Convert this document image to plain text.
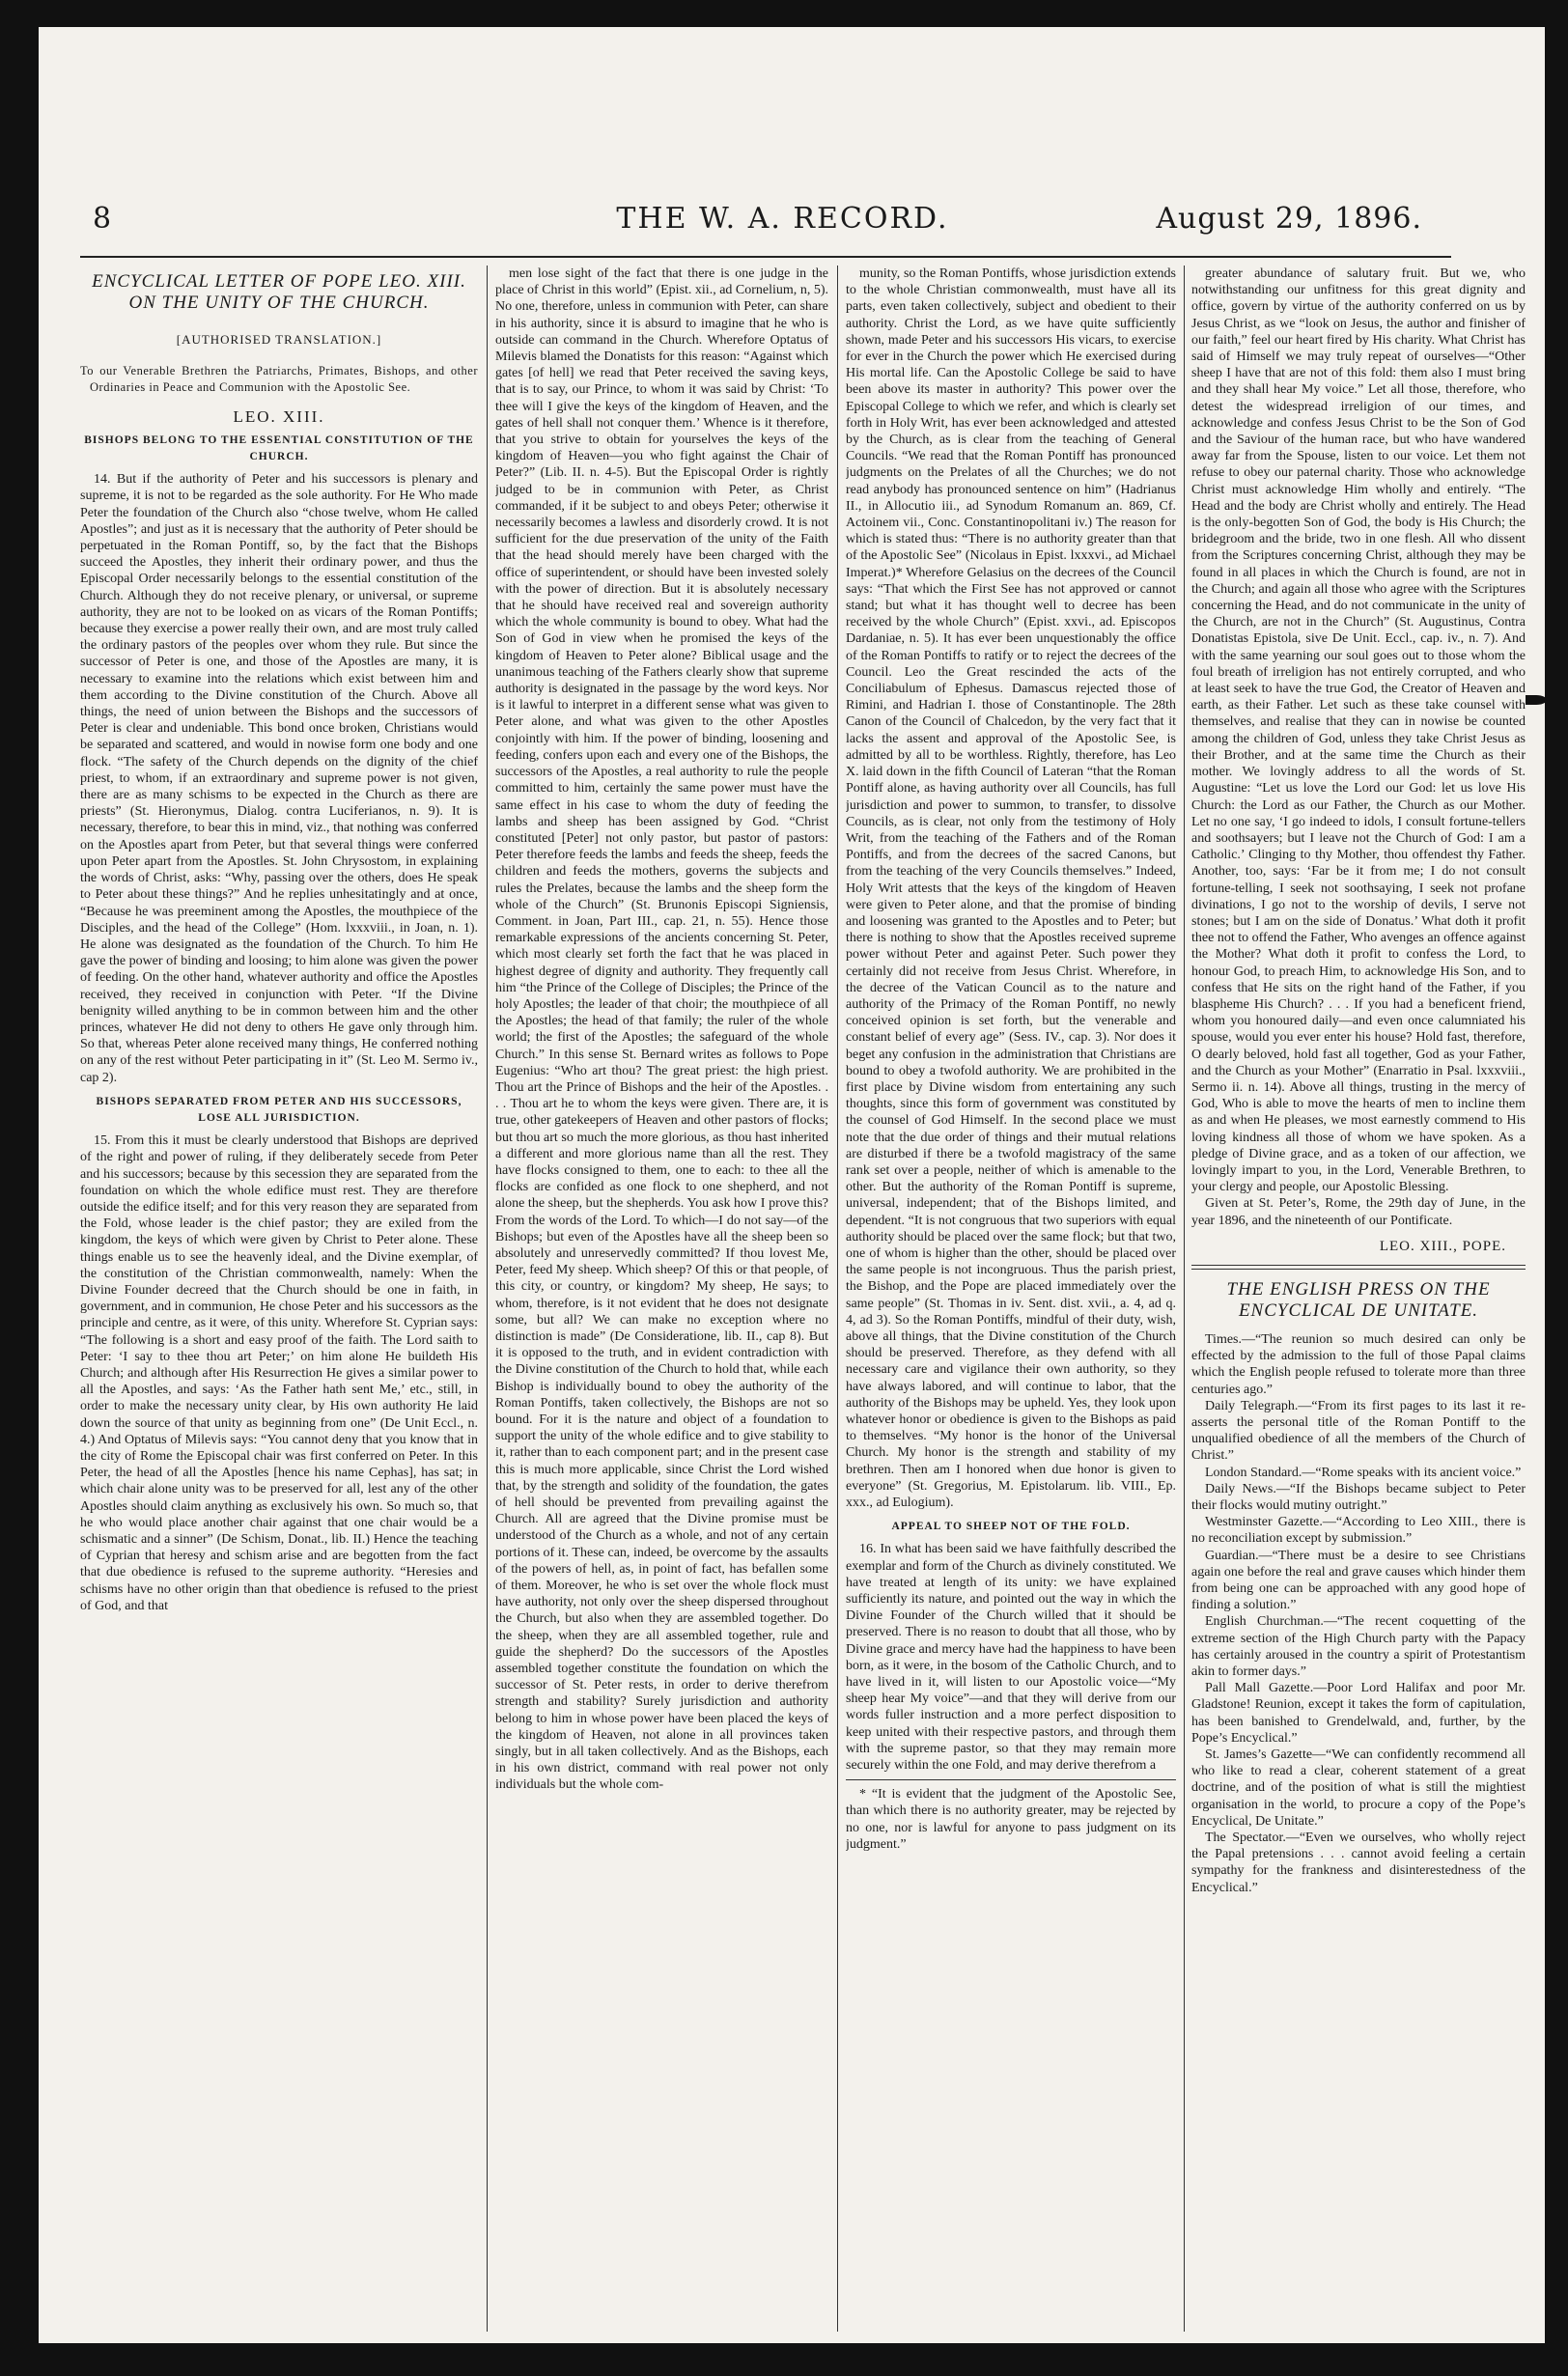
8	THE W. A. RECORD.	August 29, 1896.
ENCYCLICAL LETTER OF POPE LEO. XIII. ON THE UNITY OF THE CHURCH.
[AUTHORISED TRANSLATION.]
To our Venerable Brethren the Patriarchs, Primates, Bishops, and other Ordinaries in Peace and Communion with the Apostolic See.
LEO. XIII.
BISHOPS BELONG TO THE ESSENTIAL CONSTITUTION OF THE CHURCH.

14. But if the authority of Peter and his successors is plenary and supreme, it is not to be regarded as the sole authority. For He Who made Peter the foundation of the Church also “chose twelve, whom He called Apostles”; and just as it is necessary that the authority of Peter should be perpetuated in the Roman Pontiff, so, by the fact that the Bishops succeed the Apostles, they inherit their ordinary power, and thus the Episcopal Order necessarily belongs to the essential constitution of the Church. Although they do not receive plenary, or universal, or supreme authority, they are not to be looked on as vicars of the Roman Pontiffs; because they exercise a power really their own, and are most truly called the ordinary pastors of the peoples over whom they rule. But since the successor of Peter is one, and those of the Apostles are many, it is necessary to examine into the relations which exist between him and them according to the Divine constitution of the Church. Above all things, the need of union between the Bishops and the successors of Peter is clear and undeniable. This bond once broken, Christians would be separated and scattered, and would in nowise form one body and one flock. “The safety of the Church depends on the dignity of the chief priest, to whom, if an extraordinary and supreme power is not given, there are as many schisms to be expected in the Church as there are priests” (St. Hieronymus, Dialog. contra Luciferianos, n. 9). It is necessary, therefore, to bear this in mind, viz., that nothing was conferred on the Apostles apart from Peter, but that several things were conferred upon Peter apart from the Apostles. St. John Chrysostom, in explaining the words of Christ, asks: “Why, passing over the others, does He speak to Peter about these things?” And he replies unhesitatingly and at once, “Because he was preeminent among the Apostles, the mouthpiece of the Disciples, and the head of the College” (Hom. lxxxviii., in Joan, n. 1). He alone was designated as the foundation of the Church. To him He gave the power of binding and loosing; to him alone was given the power of feeding. On the other hand, whatever authority and office the Apostles received, they received in conjunction with Peter. “If the Divine benignity willed anything to be in common between him and the other princes, whatever He did not deny to others He gave only through him. So that, whereas Peter alone received many things, He conferred nothing on any of the rest without Peter participating in it” (St. Leo M. Sermo iv., cap 2).

BISHOPS SEPARATED FROM PETER AND HIS SUCCESSORS, LOSE ALL JURISDICTION.

15. From this it must be clearly understood that Bishops are deprived of the right and power of ruling, if they deliberately secede from Peter and his successors; because by this secession they are separated from the foundation on which the whole edifice must rest. They are therefore outside the edifice itself; and for this very reason they are separated from the Fold, whose leader is the chief pastor; they are exiled from the kingdom, the keys of which were given by Christ to Peter alone. These things enable us to see the heavenly ideal, and the Divine exemplar, of the constitution of the Christian commonwealth, namely: When the Divine Founder decreed that the Church should be one in faith, in government, and in communion, He chose Peter and his successors as the principle and centre, as it were, of this unity. Wherefore St. Cyprian says: “The following is a short and easy proof of the faith. The Lord saith to Peter: ‘I say to thee thou art Peter;’ on him alone He buildeth His Church; and although after His Resurrection He gives a similar power to all the Apostles, and says: ‘As the Father hath sent Me,’ etc., still, in order to make the necessary unity clear, by His own authority He laid down the source of that unity as beginning from one” (De Unit Eccl., n. 4.) And Optatus of Milevis says: “You cannot deny that you know that in the city of Rome the Episcopal chair was first conferred on Peter. In this Peter, the head of all the Apostles [hence his name Cephas], has sat; in which chair alone unity was to be preserved for all, lest any of the other Apostles should claim anything as exclusively his own. So much so, that he who would place another chair against that one chair would be a schismatic and a sinner” (De Schism, Donat., lib. II.) Hence the teaching of Cyprian that heresy and schism arise and are begotten from the fact that due obedience is refused to the supreme authority. “Heresies and schisms have no other origin than that obedience is refused to the priest of God, and that

men lose sight of the fact that there is one judge in the place of Christ in this world” (Epist. xii., ad Cornelium, n, 5). No one, therefore, unless in communion with Peter, can share in his authority, since it is absurd to imagine that he who is outside can command in the Church. Wherefore Optatus of Milevis blamed the Donatists for this reason: “Against which gates [of hell] we read that Peter received the saving keys, that is to say, our Prince, to whom it was said by Christ: ‘To thee will I give the keys of the kingdom of Heaven, and the gates of hell shall not conquer them.’ Whence is it therefore, that you strive to obtain for yourselves the keys of the kingdom of Heaven—you who fight against the Chair of Peter?” (Lib. II. n. 4-5). But the Episcopal Order is rightly judged to be in communion with Peter, as Christ commanded, if it be subject to and obeys Peter; otherwise it necessarily becomes a lawless and disorderly crowd. It is not sufficient for the due preservation of the unity of the Faith that the head should merely have been charged with the office of superintendent, or should have been invested solely with the power of direction. But it is absolutely necessary that he should have received real and sovereign authority which the whole community is bound to obey. What had the Son of God in view when he promised the keys of the kingdom of Heaven to Peter alone? Biblical usage and the unanimous teaching of the Fathers clearly show that supreme authority is designated in the passage by the word keys. Nor is it lawful to interpret in a different sense what was given to Peter alone, and what was given to the other Apostles conjointly with him. If the power of binding, loosening and feeding, confers upon each and every one of the Bishops, the successors of the Apostles, a real authority to rule the people committed to him, certainly the same power must have the same effect in his case to whom the duty of feeding the lambs and sheep has been assigned by God. “Christ constituted [Peter] not only pastor, but pastor of pastors: Peter therefore feeds the lambs and feeds the sheep, feeds the children and feeds the mothers, governs the subjects and rules the Prelates, because the lambs and the sheep form the whole of the Church” (St. Brunonis Episcopi Signiensis, Comment. in Joan, Part III., cap. 21, n. 55). Hence those remarkable expressions of the ancients concerning St. Peter, which most clearly set forth the fact that he was placed in highest degree of dignity and authority. They frequently call him “the Prince of the College of Disciples; the Prince of the holy Apostles; the leader of that choir; the mouthpiece of all the Apostles; the head of that family; the ruler of the whole world; the first of the Apostles; the safeguard of the whole Church.” In this sense St. Bernard writes as follows to Pope Eugenius: “Who art thou? The great priest: the high priest. Thou art the Prince of Bishops and the heir of the Apostles. . . . Thou art he to whom the keys were given. There are, it is true, other gatekeepers of Heaven and other pastors of flocks; but thou art so much the more glorious, as thou hast inherited a different and more glorious name than all the rest. They have flocks consigned to them, one to each: to thee all the flocks are confided as one flock to one shepherd, and not alone the sheep, but the shepherds. You ask how I prove this? From the words of the Lord. To which—I do not say—of the Bishops; but even of the Apostles have all the sheep been so absolutely and unreservedly committed? If thou lovest Me, Peter, feed My sheep. Which sheep? Of this or that people, of this city, or country, or kingdom? My sheep, He says; to whom, therefore, is it not evident that he does not designate some, but all? We can make no exception where no distinction is made” (De Consideratione, lib. II., cap 8). But it is opposed to the truth, and in evident contradiction with the Divine constitution of the Church to hold that, while each Bishop is individually bound to obey the authority of the Roman Pontiffs, taken collectively, the Bishops are not so bound. For it is the nature and object of a foundation to support the unity of the whole edifice and to give stability to it, rather than to each component part; and in the present case this is much more applicable, since Christ the Lord wished that, by the strength and solidity of the foundation, the gates of hell should be prevented from prevailing against the Church. All are agreed that the Divine promise must be understood of the Church as a whole, and not of any certain portions of it. These can, indeed, be overcome by the assaults of the powers of hell, as, in point of fact, has befallen some of them. Moreover, he who is set over the whole flock must have authority, not only over the sheep dispersed throughout the Church, but also when they are assembled together. Do the sheep, when they are all assembled together, rule and guide the shepherd? Do the successors of the Apostles assembled together constitute the foundation on which the successor of St. Peter rests, in order to derive therefrom strength and stability? Surely jurisdiction and authority belong to him in whose power have been placed the keys of the kingdom of Heaven, not alone in all provinces taken singly, but in all taken collectively. And as the Bishops, each in his own district, command with real power not only individuals but the whole com-

munity, so the Roman Pontiffs, whose jurisdiction extends to the whole Christian commonwealth, must have all its parts, even taken collectively, subject and obedient to their authority. Christ the Lord, as we have quite sufficiently shown, made Peter and his successors His vicars, to exercise for ever in the Church the power which He exercised during His mortal life. Can the Apostolic College be said to have been above its master in authority? This power over the Episcopal College to which we refer, and which is clearly set forth in Holy Writ, has ever been acknowledged and attested by the Church, as is clear from the teaching of General Councils. “We read that the Roman Pontiff has pronounced judgments on the Prelates of all the Churches; we do not read anybody has pronounced sentence on him” (Hadrianus II., in Allocutio iii., ad Synodum Romanum an. 869, Cf. Actoinem vii., Conc. Constantinopolitani iv.) The reason for which is stated thus: “There is no authority greater than that of the Apostolic See” (Nicolaus in Epist. lxxxvi., ad Michael Imperat.)* Wherefore Gelasius on the decrees of the Council says: “That which the First See has not approved or cannot stand; but what it has thought well to decree has been received by the whole Church” (Epist. xxvi., ad. Episcopos Dardaniae, n. 5). It has ever been unquestionably the office of the Roman Pontiffs to ratify or to reject the decrees of the Council. Leo the Great rescinded the acts of the Conciliabulum of Ephesus. Damascus rejected those of Rimini, and Hadrian I. those of Constantinople. The 28th Canon of the Council of Chalcedon, by the very fact that it lacks the assent and approval of the Apostolic See, is admitted by all to be worthless. Rightly, therefore, has Leo X. laid down in the fifth Council of Lateran “that the Roman Pontiff alone, as having authority over all Councils, has full jurisdiction and power to summon, to transfer, to dissolve Councils, as is clear, not only from the testimony of Holy Writ, from the teaching of the Fathers and of the Roman Pontiffs, and from the decrees of the sacred Canons, but from the teaching of the very Councils themselves.” Indeed, Holy Writ attests that the keys of the kingdom of Heaven were given to Peter alone, and that the promise of binding and loosening was granted to the Apostles and to Peter; but there is nothing to show that the Apostles received supreme power without Peter and against Peter. Such power they certainly did not receive from Jesus Christ. Wherefore, in the decree of the Vatican Council as to the nature and authority of the Primacy of the Roman Pontiff, no newly conceived opinion is set forth, but the venerable and constant belief of every age” (Sess. IV., cap. 3). Nor does it beget any confusion in the administration that Christians are bound to obey a twofold authority. We are prohibited in the first place by Divine wisdom from entertaining any such thoughts, since this form of government was constituted by the counsel of God Himself. In the second place we must note that the due order of things and their mutual relations are disturbed if there be a twofold magistracy of the same rank set over a people, neither of which is amenable to the other. But the authority of the Roman Pontiff is supreme, universal, independent; that of the Bishops limited, and dependent. “It is not congruous that two superiors with equal authority should be placed over the same flock; but that two, one of whom is higher than the other, should be placed over the same people is not incongruous. Thus the parish priest, the Bishop, and the Pope are placed immediately over the same people” (St. Thomas in iv. Sent. dist. xvii., a. 4, ad q. 4, ad 3). So the Roman Pontiffs, mindful of their duty, wish, above all things, that the Divine constitution of the Church should be preserved. Therefore, as they defend with all necessary care and vigilance their own authority, so they have always labored, and will continue to labor, that the authority of the Bishops may be upheld. Yes, they look upon whatever honor or obedience is given to the Bishops as paid to themselves. “My honor is the honor of the Universal Church. My honor is the strength and stability of my brethren. Then am I honored when due honor is given to everyone” (St. Gregorius, M. Epistolarum. lib. VIII., Ep. xxx., ad Eulogium).

APPEAL TO SHEEP NOT OF THE FOLD.

16. In what has been said we have faithfully described the exemplar and form of the Church as divinely constituted. We have treated at length of its unity: we have explained sufficiently its nature, and pointed out the way in which the Divine Founder of the Church willed that it should be preserved. There is no reason to doubt that all those, who by Divine grace and mercy have had the happiness to have been born, as it were, in the bosom of the Catholic Church, and to have lived in it, will listen to our Apostolic voice—“My sheep hear My voice”—and that they will derive from our words fuller instruction and a more perfect disposition to keep united with their respective pastors, and through them with the supreme pastor, so that they may remain more securely within the one Fold, and may derive therefrom a

* “It is evident that the judgment of the Apostolic See, than which there is no authority greater, may be rejected by no one, nor is lawful for anyone to pass judgment on its judgment.”

greater abundance of salutary fruit. But we, who notwithstanding our unfitness for this great dignity and office, govern by virtue of the authority conferred on us by Jesus Christ, as we “look on Jesus, the author and finisher of our faith,” feel our heart fired by His charity. What Christ has said of Himself we may truly repeat of ourselves—“Other sheep I have that are not of this fold: them also I must bring and they shall hear My voice.” Let all those, therefore, who detest the widespread irreligion of our times, and acknowledge and confess Jesus Christ to be the Son of God and the Saviour of the human race, but who have wandered away far from the Spouse, listen to our voice. Let them not refuse to obey our paternal charity. Those who acknowledge Christ must acknowledge Him wholly and entirely. “The Head and the body are Christ wholly and entirely. The Head is the only-begotten Son of God, the body is His Church; the bridegroom and the bride, two in one flesh. All who dissent from the Scriptures concerning Christ, although they may be found in all places in which the Church is found, are not in the Church; and again all those who agree with the Scriptures concerning the Head, and do not communicate in the unity of the Church, are not in the Church” (St. Augustinus, Contra Donatistas Epistola, sive De Unit. Eccl., cap. iv., n. 7). And with the same yearning our soul goes out to those whom the foul breath of irreligion has not entirely corrupted, and who at least seek to have the true God, the Creator of Heaven and earth, as their Father. Let such as these take counsel with themselves, and realise that they can in nowise be counted among the children of God, unless they take Christ Jesus as their Brother, and at the same time the Church as their mother. We lovingly address to all the words of St. Augustine: “Let us love the Lord our God: let us love His Church: the Lord as our Father, the Church as our Mother. Let no one say, ‘I go indeed to idols, I consult fortune-tellers and soothsayers; but I leave not the Church of God: I am a Catholic.’ Clinging to thy Mother, thou offendest thy Father. Another, too, says: ‘Far be it from me; I do not consult fortune-telling, I seek not soothsaying, I seek not profane divinations, I go not to the worship of devils, I serve not stones; but I am on the side of Donatus.’ What doth it profit thee not to offend the Father, Who avenges an offence against the Mother? What doth it profit to confess the Lord, to honour God, to preach Him, to acknowledge His Son, and to confess that He sits on the right hand of the Father, if you blaspheme His Church? . . . If you had a beneficent friend, whom you honoured daily—and even once calumniated his spouse, would you ever enter his house? Hold fast, therefore, O dearly beloved, hold fast all together, God as your Father, and the Church as your Mother” (Enarratio in Psal. lxxxviii., Sermo ii. n. 14). Above all things, trusting in the mercy of God, Who is able to move the hearts of men to incline them as and when He pleases, we most earnestly commend to His loving kindness all those of whom we have spoken. As a pledge of Divine grace, and as a token of our affection, we lovingly impart to you, in the Lord, Venerable Brethren, to your clergy and people, our Apostolic Blessing.

Given at St. Peter’s, Rome, the 29th day of June, in the year 1896, and the nineteenth of our Pontificate.

LEO. XIII., POPE.
THE ENGLISH PRESS ON THE ENCYCLICAL DE UNITATE.

Times.—“The reunion so much desired can only be effected by the admission to the full of those Papal claims which the English people refused to tolerate more than three centuries ago.”

Daily Telegraph.—“From its first pages to its last it re-asserts the personal title of the Roman Pontiff to the unqualified obedience of all the members of the Church of Christ.”

London Standard.—“Rome speaks with its ancient voice.”

Daily News.—“If the Bishops became subject to Peter their flocks would mutiny outright.”

Westminster Gazette.—“According to Leo XIII., there is no reconciliation except by submission.”

Guardian.—“There must be a desire to see Christians again one before the real and grave causes which hinder them from being one can be approached with any good hope of finding a solution.”

English Churchman.—“The recent coquetting of the extreme section of the High Church party with the Papacy has certainly aroused in the country a spirit of Protestantism akin to former days.”

Pall Mall Gazette.—Poor Lord Halifax and poor Mr. Gladstone! Reunion, except it takes the form of capitulation, has been banished to Grendelwald, and, further, by the Pope’s Encyclical.”

St. James’s Gazette—“We can confidently recommend all who like to read a clear, coherent statement of a great doctrine, and of the position of what is still the mightiest organisation in the world, to procure a copy of the Pope’s Encyclical, De Unitate.”

The Spectator.—“Even we ourselves, who wholly reject the Papal pretensions . . . cannot avoid feeling a certain sympathy for the frankness and disinterestedness of the Encyclical.”
